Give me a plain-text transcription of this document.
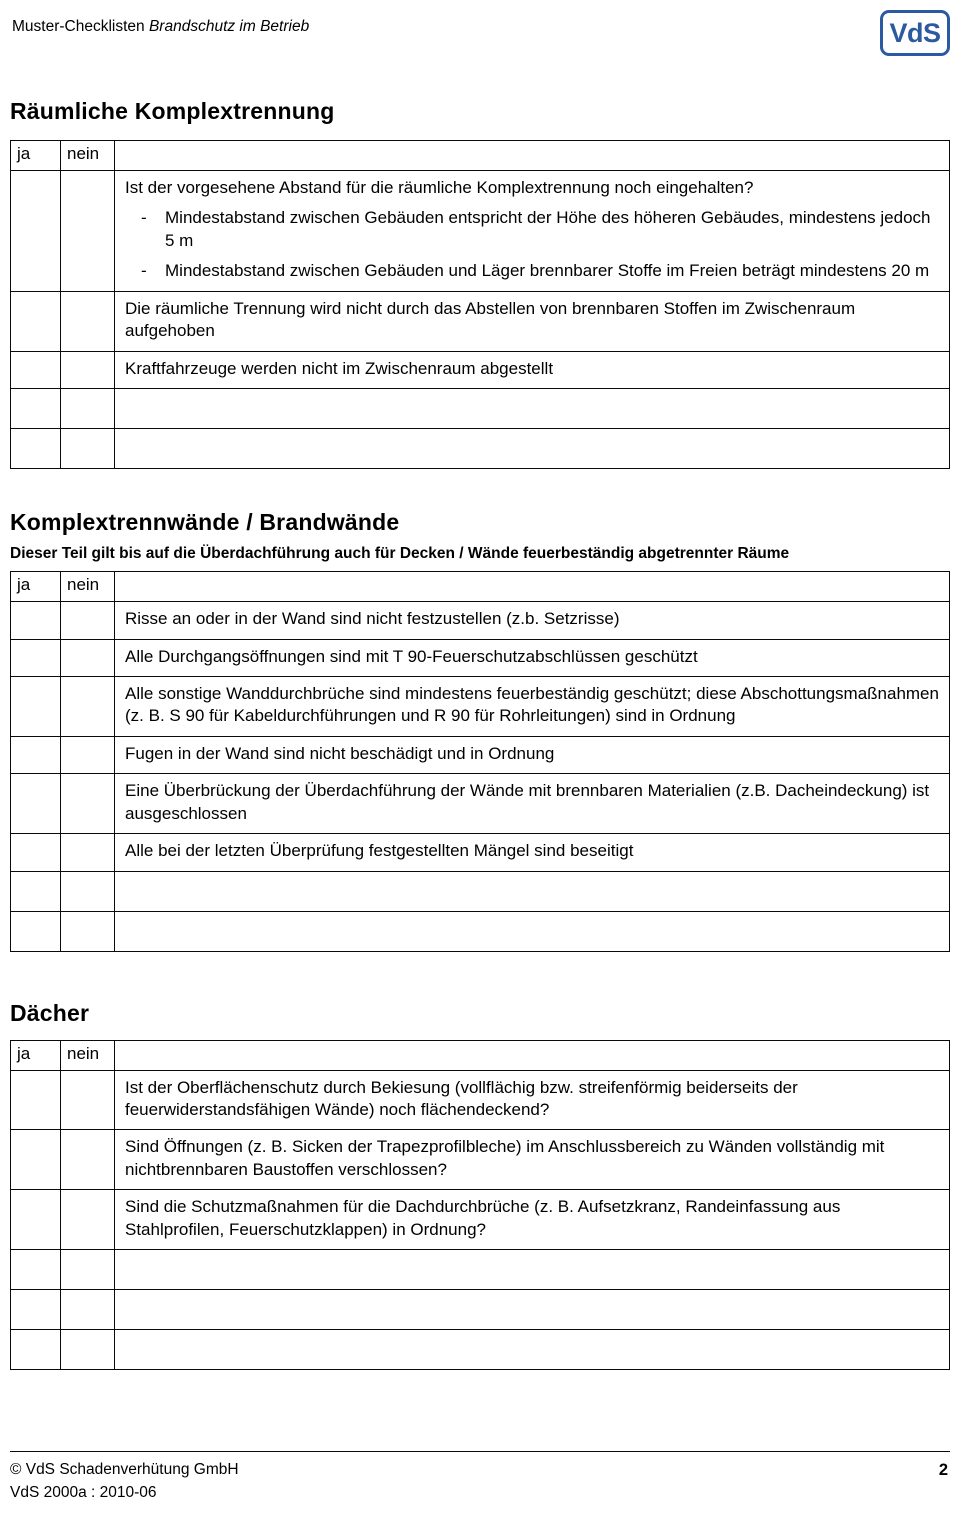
Muster-Checklisten Brandschutz im Betrieb	VdS
Räumliche Komplextrennung
ja	nein	

		Ist der vorgesehene Abstand für die räumliche Komplextrennung noch eingehalten?
- Mindestabstand zwischen Gebäuden entspricht der Höhe des höheren Gebäudes, mindestens jedoch 5 m
- Mindestabstand zwischen Gebäuden und Läger brennbarer Stoffe im Freien beträgt mindestens 20 m

		Die räumliche Trennung wird nicht durch das Abstellen von brennbaren Stoffen im Zwischenraum aufgehoben

		Kraftfahrzeuge werden nicht im Zwischenraum abgestellt

Komplextrennwände / Brandwände

Dieser Teil gilt bis auf die Überdachführung auch für Decken / Wände feuerbeständig abgetrennter Räume

ja	nein	

		Risse an oder in der Wand sind nicht festzustellen (z.b. Setzrisse)

		Alle Durchgangsöffnungen sind mit T 90-Feuerschutzabschlüssen geschützt

		Alle sonstige Wanddurchbrüche sind mindestens feuerbeständig geschützt; diese Abschottungsmaßnahmen (z. B. S 90 für Kabeldurchführungen und R 90 für Rohrleitungen) sind in Ordnung

		Fugen in der Wand sind nicht beschädigt und in Ordnung

		Eine Überbrückung der Überdachführung der Wände mit brennbaren Materialien (z.B. Dacheindeckung) ist ausgeschlossen

		Alle bei der letzten Überprüfung festgestellten Mängel sind beseitigt

Dächer
ja	nein	

		Ist der Oberflächenschutz durch Bekiesung (vollflächig bzw. streifenförmig beiderseits der feuerwiderstandsfähigen Wände) noch flächendeckend?

		Sind Öffnungen (z. B. Sicken der Trapezprofilbleche) im Anschlussbereich zu Wänden vollständig mit nichtbrennbaren Baustoffen verschlossen?

		Sind die Schutzmaßnahmen für die Dachdurchbrüche (z. B. Aufsetzkranz, Randeinfassung aus Stahlprofilen, Feuerschutzklappen) in Ordnung?

© VdS Schadenverhütung GmbH
VdS 2000a : 2010-06
2
